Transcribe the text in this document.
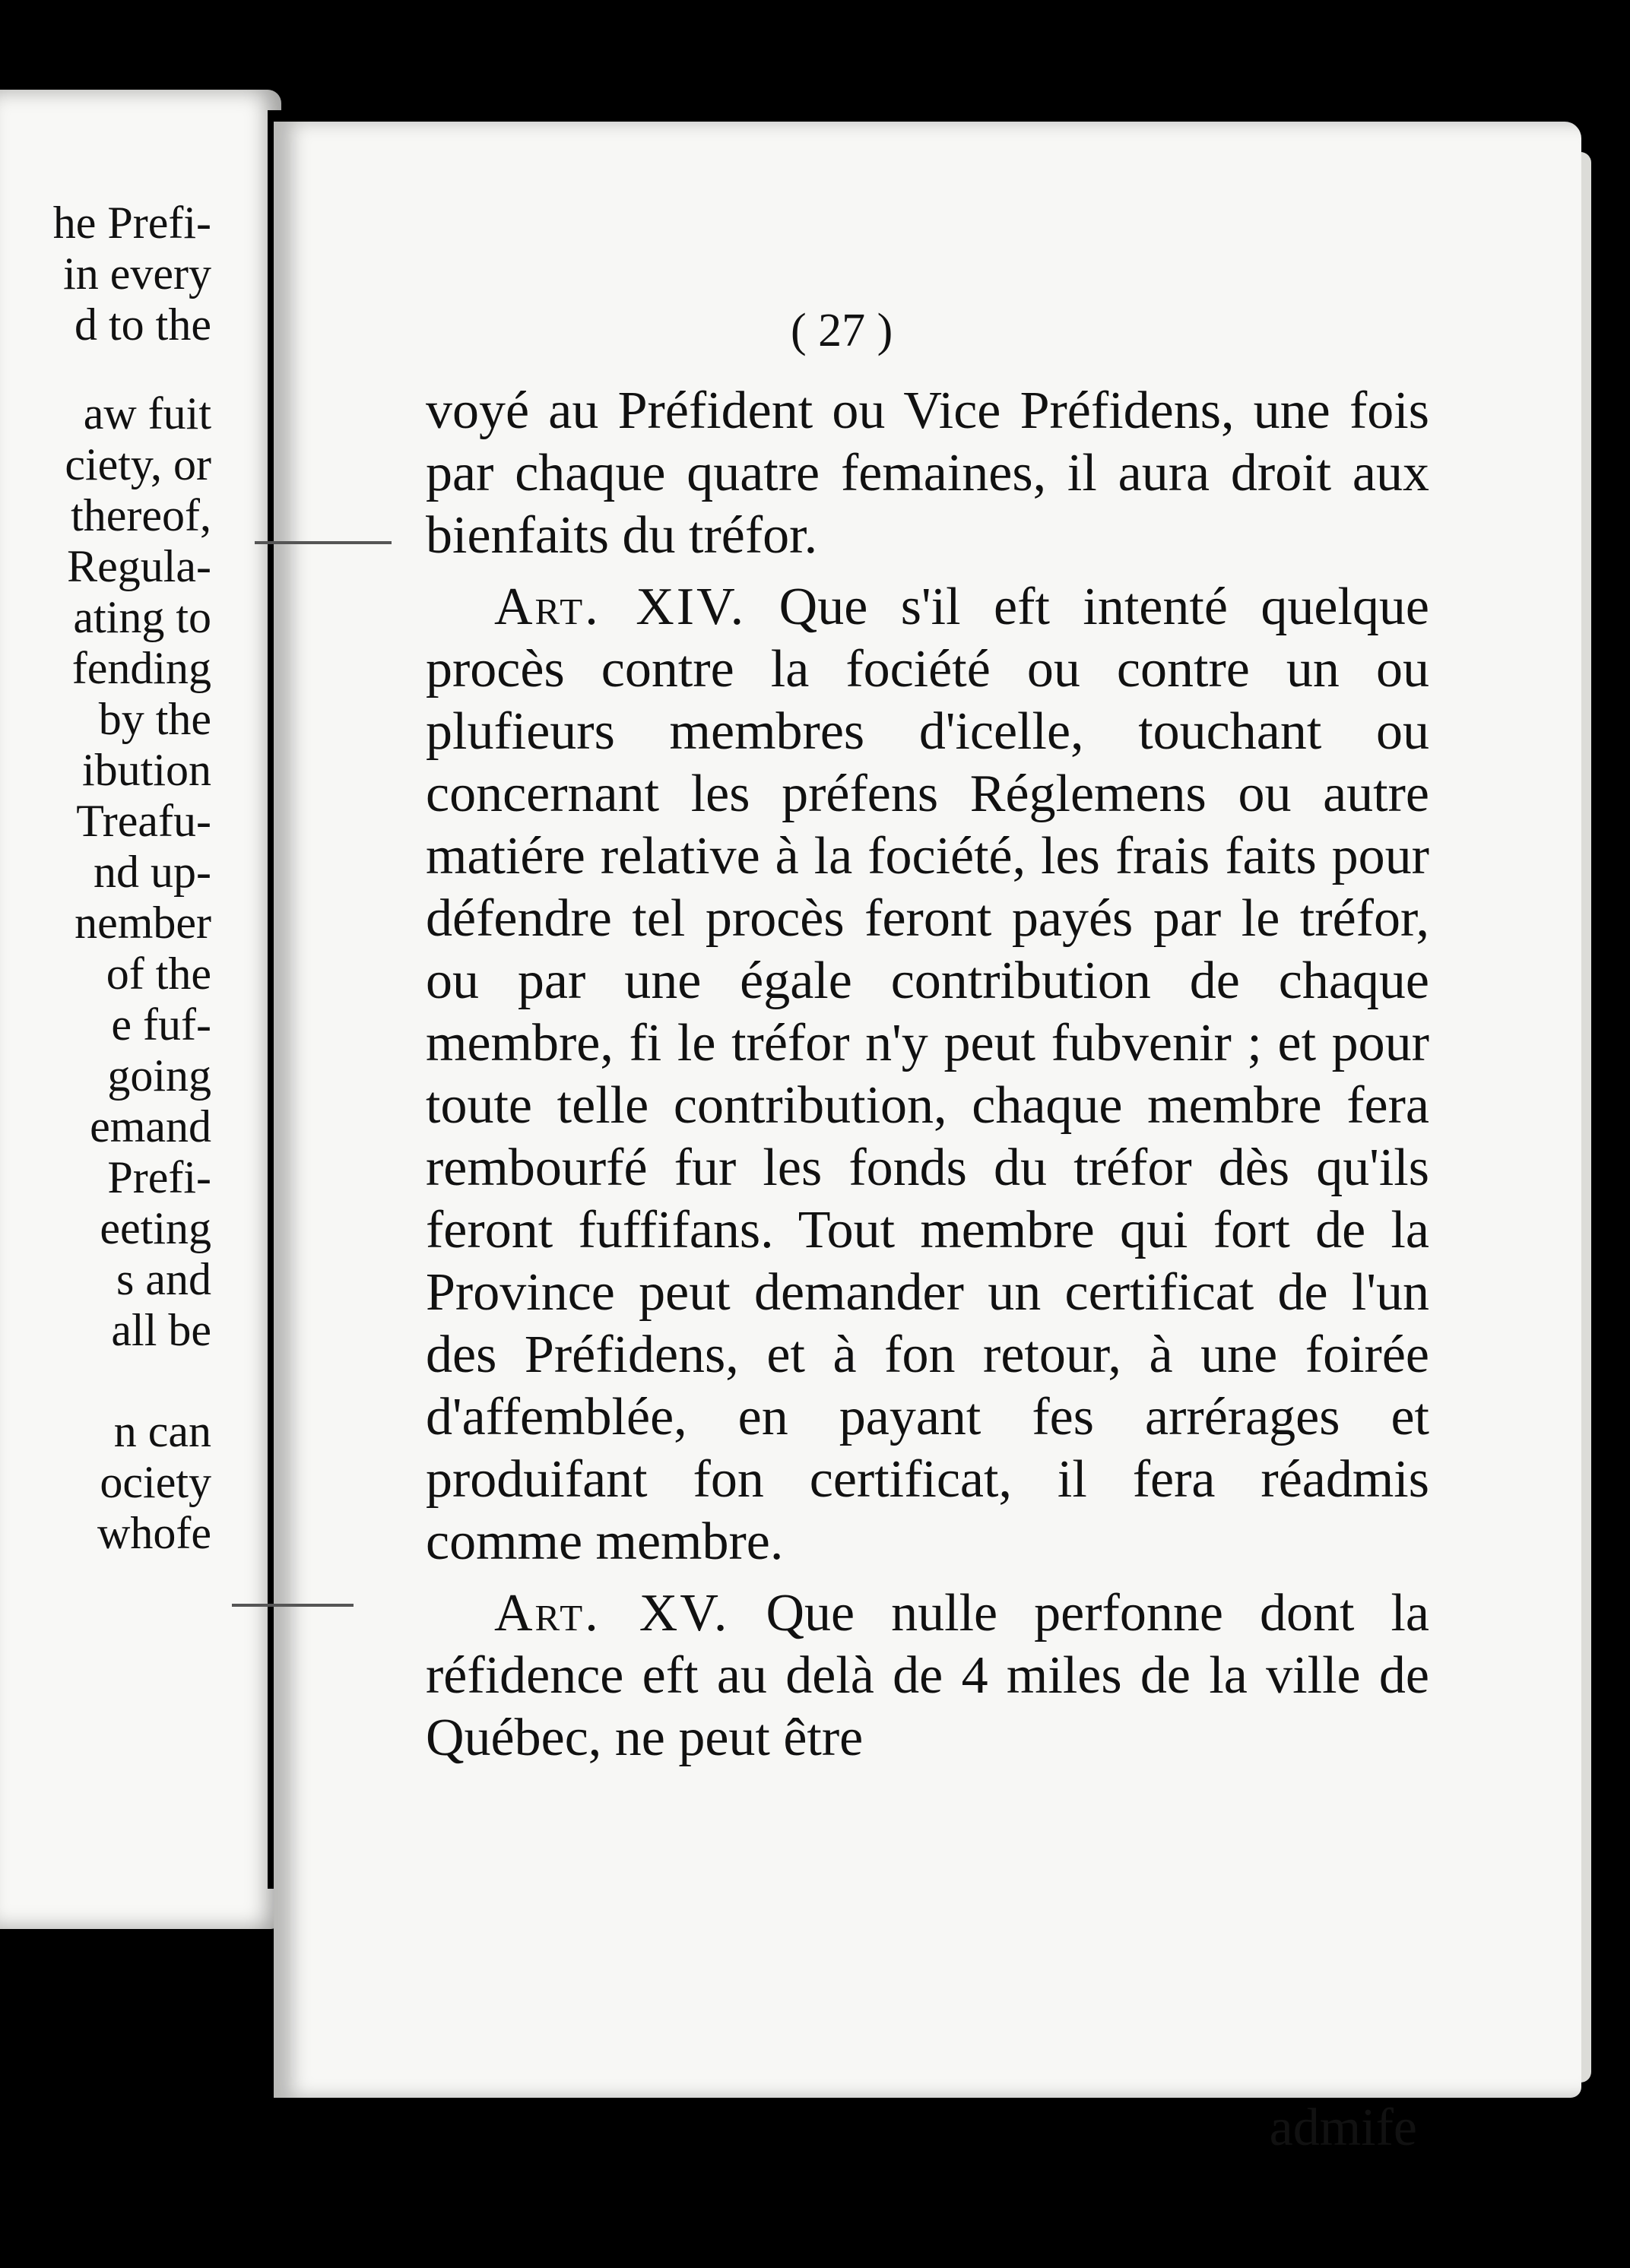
he Prefi-
in every
d to the
aw fuit
ciety, or
thereof,
Regula-
ating to
fending
by the
ibution
Treafu-
nd up-
nember
of the
e fuf-
going
emand
Prefi-
eeting
s and
all be
n can
ociety
whofe
( 27 )

voyé au Préfident ou Vice Préfidens, une fois par chaque quatre femaines, il aura droit aux bienfaits du tréfor.

Art. XIV. Que s'il eft intenté quelque procès contre la fociété ou contre un ou plufieurs membres d'icelle, touchant ou concernant les préfens Réglemens ou autre matiére relative à la fociété, les frais faits pour défendre tel procès feront payés par le tréfor, ou par une égale contribution de chaque membre, fi le tréfor n'y peut fubvenir ; et pour toute telle contribution, chaque membre fera rembourfé fur les fonds du tréfor dès qu'ils feront fuffifans. Tout membre qui fort de la Province peut demander un certificat de l'un des Préfidens, et à fon retour, à une foirée d'affemblée, en payant fes arrérages et produifant fon certificat, il fera réadmis comme membre.

Art. XV. Que nulle perfonne dont la réfidence eft au delà de 4 miles de la ville de Québec, ne peut être

admife
